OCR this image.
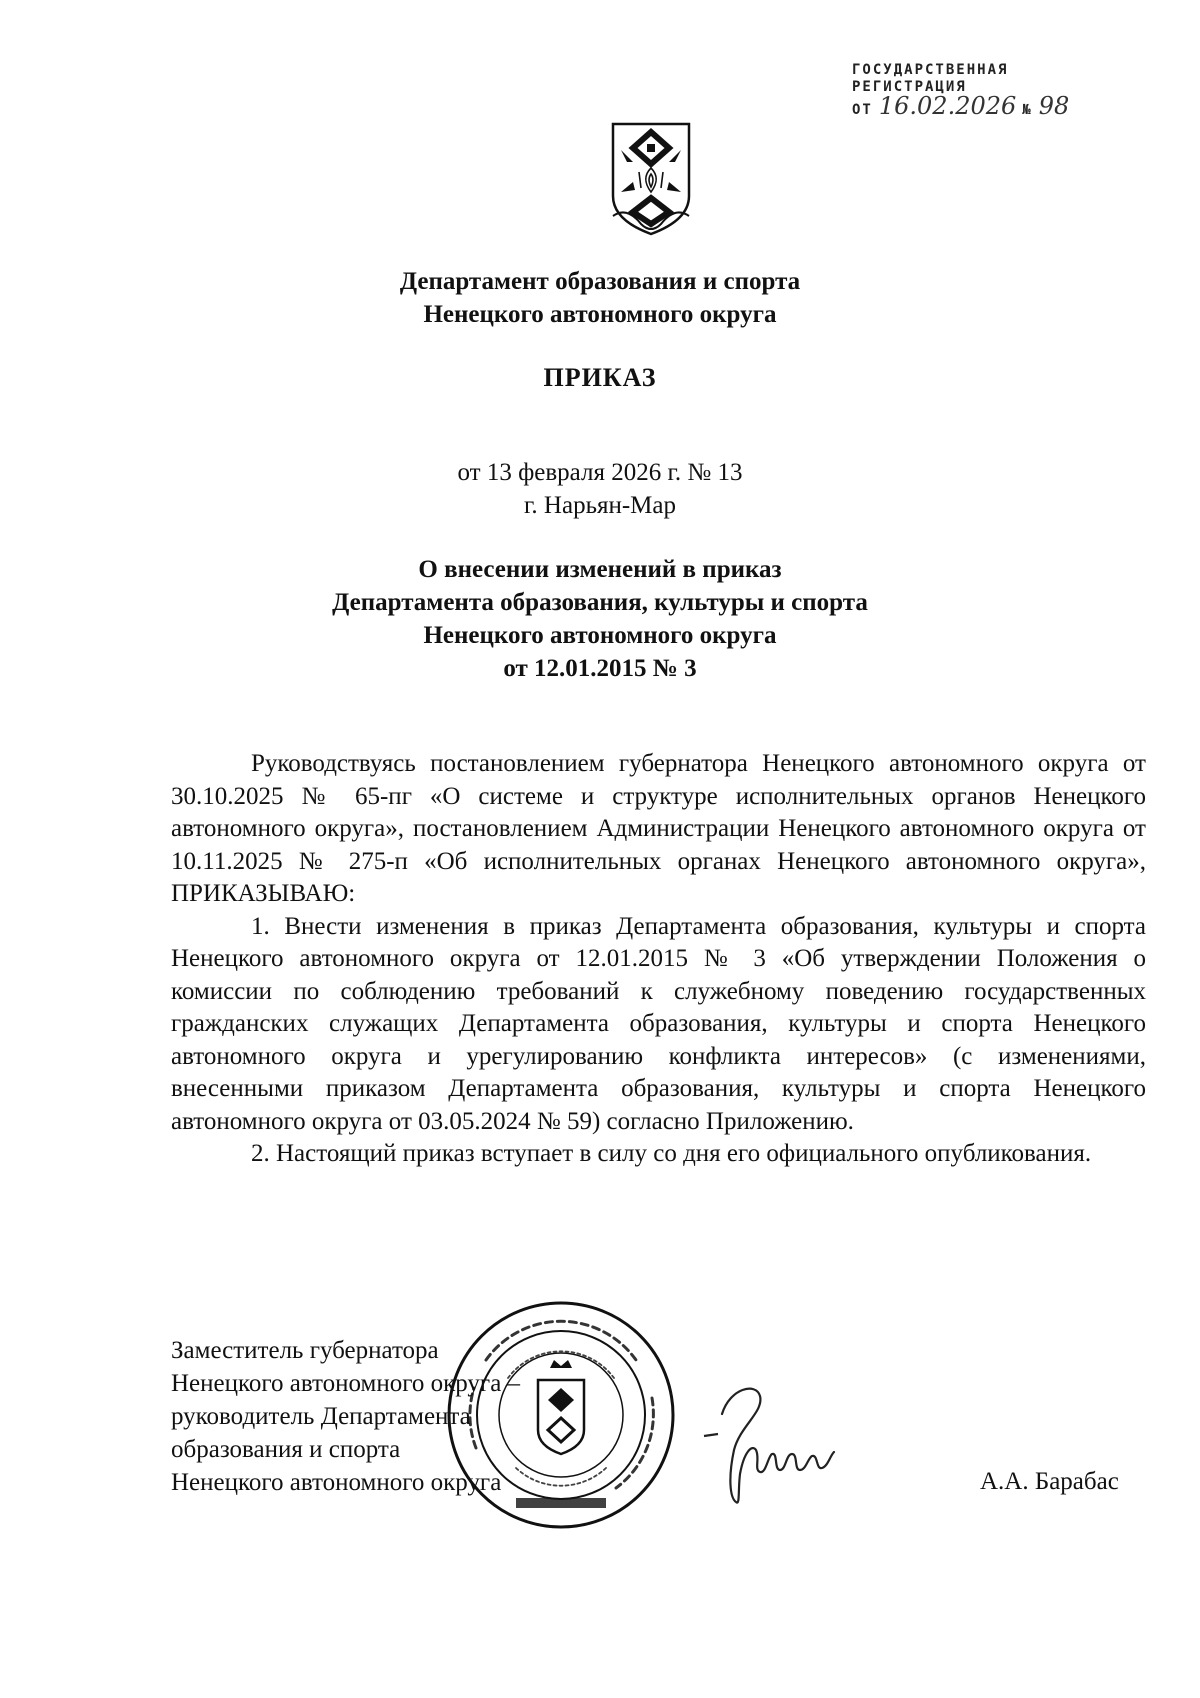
ГОСУДАРСТВЕННАЯ
РЕГИСТРАЦИЯ
ОТ 16.02.2026 № 98
Департамент образования и спорта
Ненецкого автономного округа
ПРИКАЗ
от 13 февраля 2026 г. № 13
г. Нарьян-Мар
О внесении изменений в приказ
Департамента образования, культуры и спорта
Ненецкого автономного округа
от 12.01.2015 № 3

Руководствуясь постановлением губернатора Ненецкого автономного округа от 30.10.2025 № 65-пг «О системе и структуре исполнительных органов Ненецкого автономного округа», постановлением Администрации Ненецкого автономного округа от 10.11.2025 № 275-п «Об исполнительных органах Ненецкого автономного округа», ПРИКАЗЫВАЮ:

1. Внести изменения в приказ Департамента образования, культуры и спорта Ненецкого автономного округа от 12.01.2015 № 3 «Об утверждении Положения о комиссии по соблюдению требований к служебному поведению государственных гражданских служащих Департамента образования, культуры и спорта Ненецкого автономного округа и урегулированию конфликта интересов» (с изменениями, внесенными приказом Департамента образования, культуры и спорта Ненецкого автономного округа от 03.05.2024 № 59) согласно Приложению.

2. Настоящий приказ вступает в силу со дня его официального опубликования.

Заместитель губернатора
Ненецкого автономного округа –
руководитель Департамента
образования и спорта
Ненецкого автономного округа	А.А. Барабас
